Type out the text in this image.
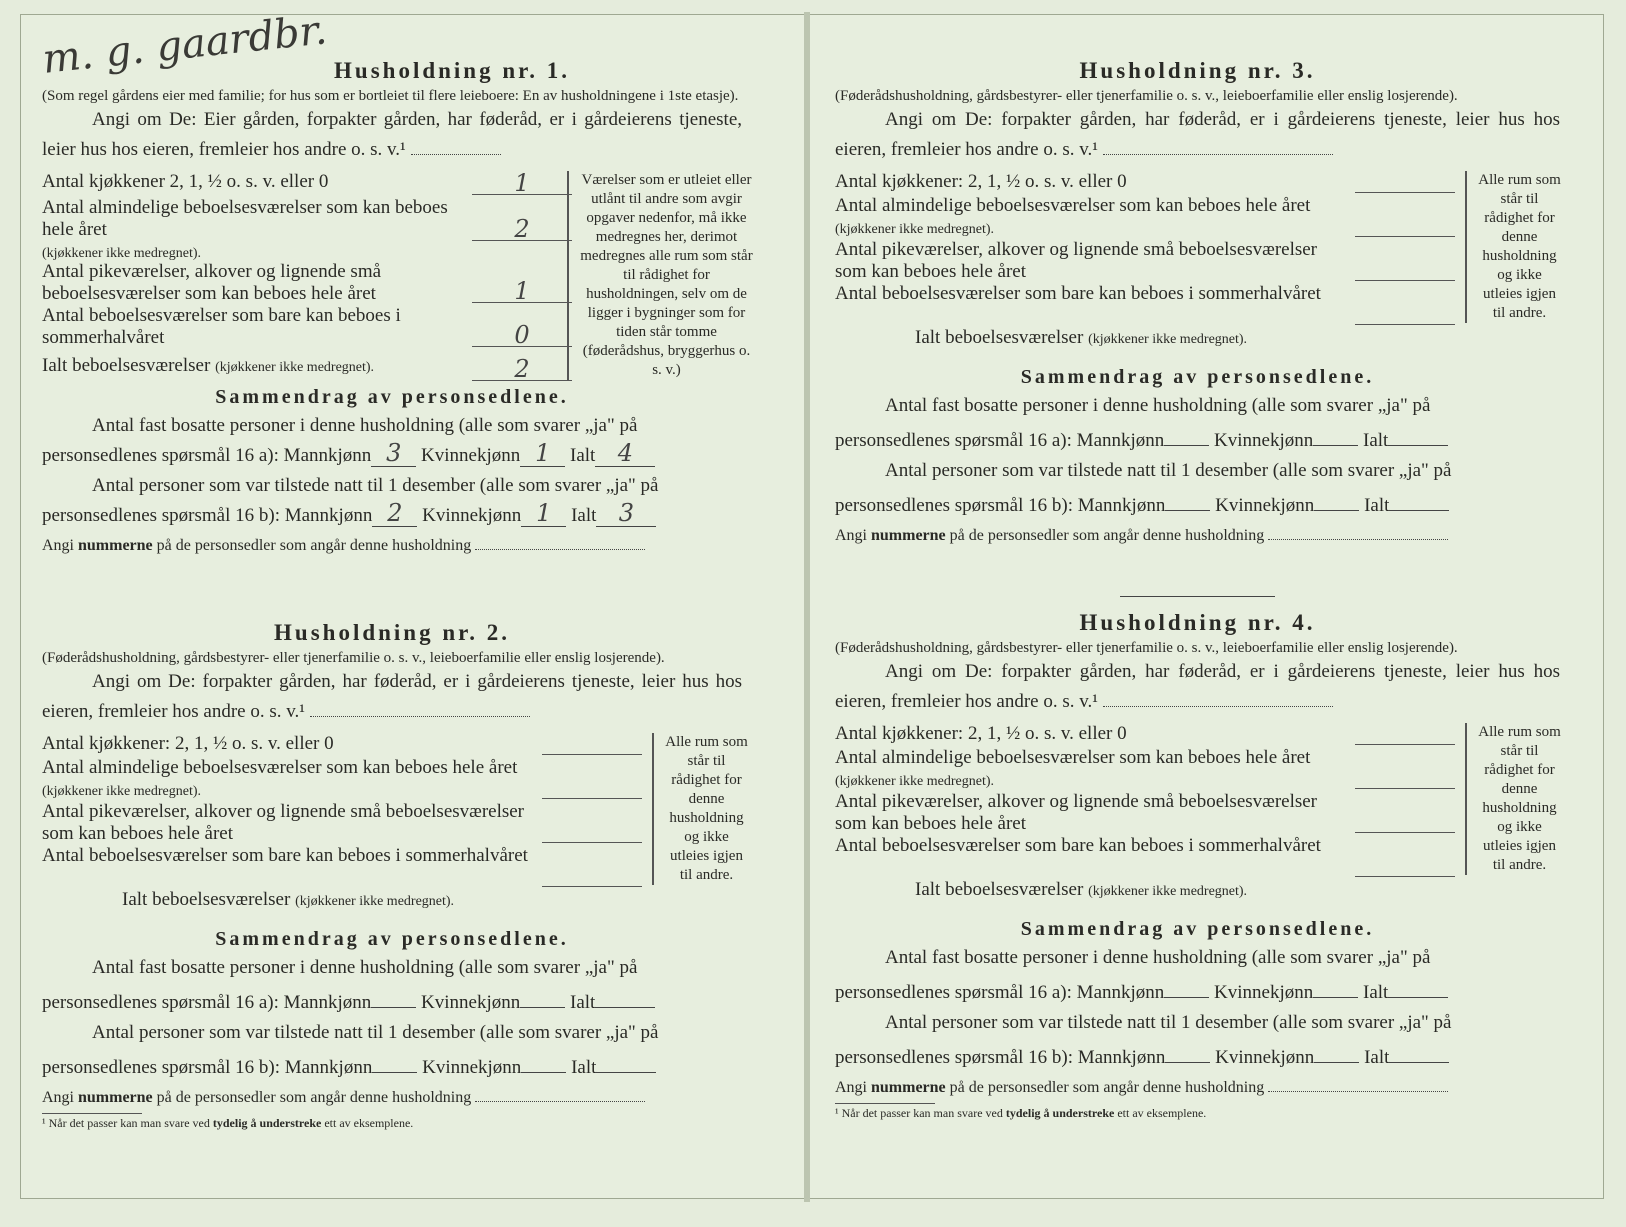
m. g. gaardbr. Husholdning nr. 1.

(Som regel gårdens eier med familie; for hus som er bortleiet til flere leieboere: En av husholdningene i 1ste etasje).

Angi om De: Eier gården, forpakter gården, har føderåd, er i gårdeierens tjeneste, leier hus hos eieren, fremleier hos andre o. s. v.¹
Antal kjøkkener 2, 1, ½ o. s. v. eller 0	1
Antal almindelige beboelsesværelser som kan beboes hele året
(kjøkkener ikke medregnet).
2
Antal pikeværelser, alkover og lignende små beboelsesværelser som kan beboes hele året	1
Antal beboelsesværelser som bare kan beboes i sommerhalvåret	0
Ialt beboelsesværelser (kjøkkener ikke medregnet).	2
Værelser som er utleiet eller utlånt til andre som avgir opgaver nedenfor, må ikke medregnes her, derimot medregnes alle rum som står til rådighet for husholdningen, selv om de ligger i bygninger som for tiden står tomme (føderådshus, bryggerhus o. s. v.)
Sammendrag av personsedlene.
Antal fast bosatte personer i denne husholdning (alle som svarer „ja" på
personsedlenes spørsmål 16 a): Mannkjønn 3 Kvinnekjønn 1 Ialt 4
Antal personer som var tilstede natt til 1 desember (alle som svarer „ja" på
personsedlenes spørsmål 16 b): Mannkjønn 2 Kvinnekjønn 1 Ialt 3
Angi nummerne på de personsedler som angår denne husholdning
Husholdning nr. 2.

(Føderådshusholdning, gårdsbestyrer- eller tjenerfamilie o. s. v., leieboerfamilie eller enslig losjerende).

Angi om De: forpakter gården, har føderåd, er i gårdeierens tjeneste, leier hus hos eieren, fremleier hos andre o. s. v.¹
Antal kjøkkener: 2, 1, ½ o. s. v. eller 0
Antal almindelige beboelsesværelser som kan beboes hele året (kjøkkener ikke medregnet).
Antal pikeværelser, alkover og lignende små beboelsesværelser som kan beboes hele året
Antal beboelsesværelser som bare kan beboes i sommerhalvåret
Ialt beboelsesværelser (kjøkkener ikke medregnet).
Alle rum som står til rådighet for denne husholdning og ikke utleies igjen til andre.
Sammendrag av personsedlene.
Antal fast bosatte personer i denne husholdning (alle som svarer „ja" på
personsedlenes spørsmål 16 a): Mannkjønn	Kvinnekjønn	Ialt
Antal personer som var tilstede natt til 1 desember (alle som svarer „ja" på
personsedlenes spørsmål 16 b): Mannkjønn	Kvinnekjønn	Ialt
Angi nummerne på de personsedler som angår denne husholdning
¹ Når det passer kan man svare ved tydelig å understreke ett av eksemplene.
Husholdning nr. 3.

(Føderådshusholdning, gårdsbestyrer- eller tjenerfamilie o. s. v., leieboerfamilie eller enslig losjerende).

Angi om De: forpakter gården, har føderåd, er i gårdeierens tjeneste, leier hus hos eieren, fremleier hos andre o. s. v.¹
Antal kjøkkener: 2, 1, ½ o. s. v. eller 0
Antal almindelige beboelsesværelser som kan beboes hele året (kjøkkener ikke medregnet).
Antal pikeværelser, alkover og lignende små beboelsesværelser som kan beboes hele året
Antal beboelsesværelser som bare kan beboes i sommerhalvåret
Ialt beboelsesværelser (kjøkkener ikke medregnet).
Alle rum som står til rådighet for denne husholdning og ikke utleies igjen til andre.
Sammendrag av personsedlene.
Antal fast bosatte personer i denne husholdning (alle som svarer „ja" på
personsedlenes spørsmål 16 a): Mannkjønn	Kvinnekjønn	Ialt
Antal personer som var tilstede natt til 1 desember (alle som svarer „ja" på
personsedlenes spørsmål 16 b): Mannkjønn	Kvinnekjønn	Ialt
Angi nummerne på de personsedler som angår denne husholdning
Husholdning nr. 4.

(Føderådshusholdning, gårdsbestyrer- eller tjenerfamilie o. s. v., leieboerfamilie eller enslig losjerende).

Angi om De: forpakter gården, har føderåd, er i gårdeierens tjeneste, leier hus hos eieren, fremleier hos andre o. s. v.¹
Antal kjøkkener: 2, 1, ½ o. s. v. eller 0
Antal almindelige beboelsesværelser som kan beboes hele året (kjøkkener ikke medregnet).
Antal pikeværelser, alkover og lignende små beboelsesværelser som kan beboes hele året
Antal beboelsesværelser som bare kan beboes i sommerhalvåret
Ialt beboelsesværelser (kjøkkener ikke medregnet).
Alle rum som står til rådighet for denne husholdning og ikke utleies igjen til andre.
Sammendrag av personsedlene.
Antal fast bosatte personer i denne husholdning (alle som svarer „ja" på
personsedlenes spørsmål 16 a): Mannkjønn	Kvinnekjønn	Ialt
Antal personer som var tilstede natt til 1 desember (alle som svarer „ja" på
personsedlenes spørsmål 16 b): Mannkjønn	Kvinnekjønn	Ialt
Angi nummerne på de personsedler som angår denne husholdning
¹ Når det passer kan man svare ved tydelig å understreke ett av eksemplene.
